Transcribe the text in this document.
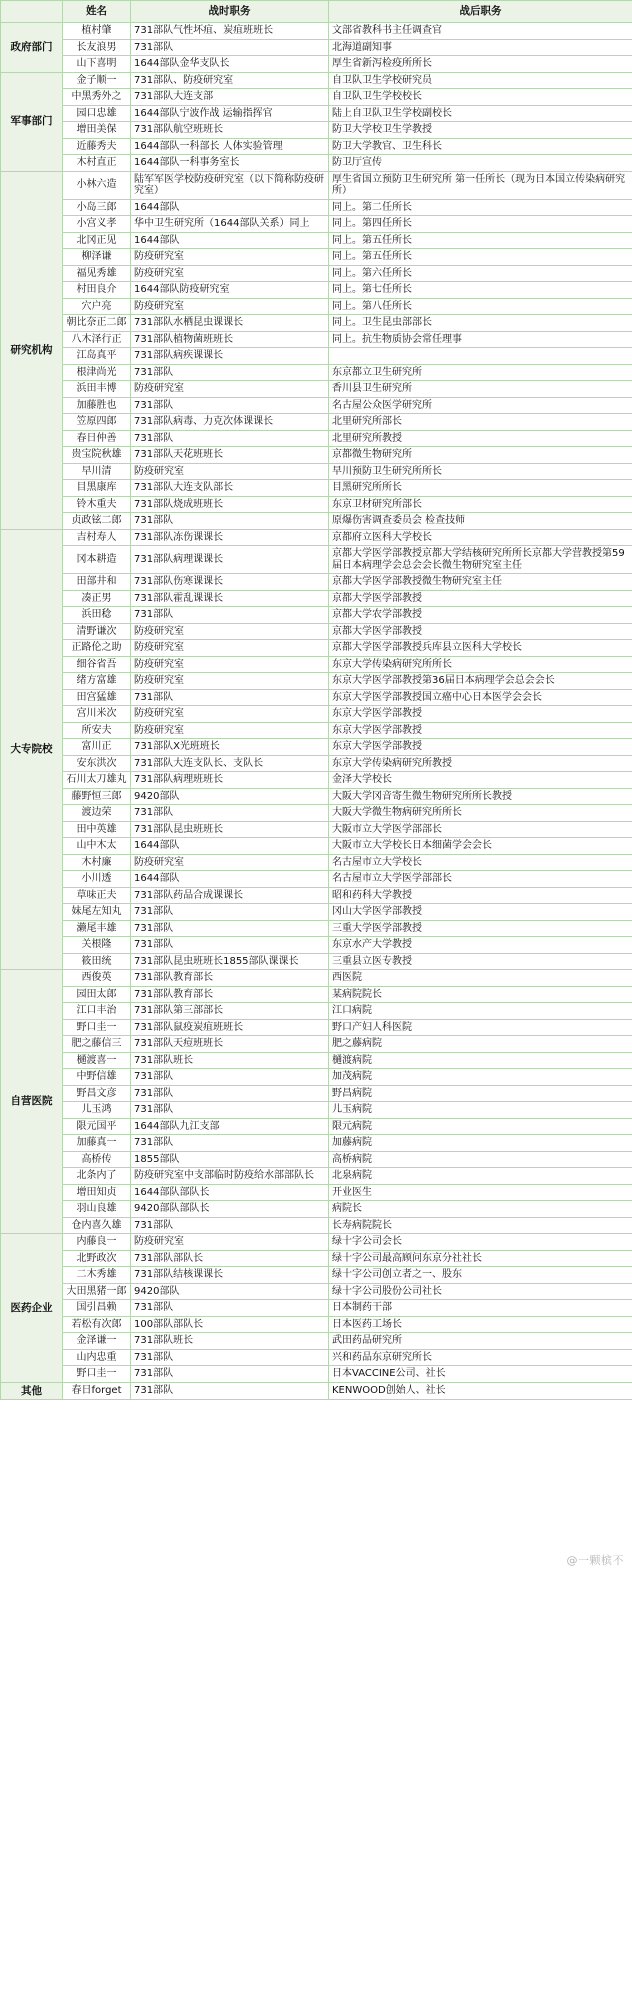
@一颗槟不
	姓名	战时职务	战后职务
政府部门	植村肇	731部队气性坏疽、炭疽班班长	文部省教科书主任调查官
	长友浪男	731部队	北海道副知事
	山下喜明	1644部队金华支队长	厚生省新泻检疫所所长
军事部门	金子顺一	731部队、防疫研究室	自卫队卫生学校研究员
	中黑秀外之	731部队大连支部	自卫队卫生学校校长
	园口忠雄	1644部队宁波作战 运输指挥官	陆上自卫队卫生学校副校长
	增田美保	731部队航空班班长	防卫大学校卫生学教授
	近藤秀夫	1644部队一科部长 人体实验管理	防卫大学教官、卫生科长
	木村直正	1644部队一科事务室长	防卫厅宣传
研究机构	小林六造	陆军军医学校防疫研究室（以下简称防疫研究室）	厚生省国立预防卫生研究所 第一任所长（现为日本国立传染病研究所）
	小岛三郎	1644部队	同上。第二任所长
	小宫义孝	华中卫生研究所（1644部队关系）同上	同上。第四任所长
	北冈正见	1644部队	同上。第五任所长
	柳泽谦	防疫研究室	同上。第五任所长
	福见秀雄	防疫研究室	同上。第六任所长
	村田良介	1644部队防疫研究室	同上。第七任所长
	穴户亮	防疫研究室	同上。第八任所长
	朝比奈正二郎	731部队水栖昆虫课课长	同上。卫生昆虫部部长
	八木泽行正	731部队植物菌班班长	同上。抗生物质协会常任理事
	江岛真平	731部队病疾课课长	
	根津尚光	731部队	东京都立卫生研究所
	浜田丰博	防疫研究室	香川县卫生研究所
	加藤胜也	731部队	名古屋公众医学研究所
	笠原四郎	731部队病毒、力克次体课课长	北里研究所部长
	春日仲善	731部队	北里研究所教授
	贵宝院秋雄	731部队天花班班长	京都微生物研究所
	早川清	防疫研究室	早川预防卫生研究所所长
	目黑康库	731部队大连支队部长	目黑研究所所长
	铃木重夫	731部队烧成班班长	东京卫材研究所部长
	贞政铉二郎	731部队	原爆伤害调查委员会 检查技师
大专院校	吉村寿人	731部队冻伤课课长	京都府立医科大学校长
	冈本耕造	731部队病理课课长	京都大学医学部教授京都大学结核研究所所长京都大学营教授第59届日本病理学会总会会长微生物研究室主任
	田部井和	731部队伤寒课课长	京都大学医学部教授微生物研究室主任
	凑正男	731部队霍乱课课长	京都大学医学部教授
	浜田稔	731部队	京都大学农学部教授
	清野谦次	防疫研究室	京都大学医学部教授
	正路伦之助	防疫研究室	京都大学医学部教授兵库县立医科大学校长
	细谷省吾	防疫研究室	东京大学传染病研究所所长
	绪方富雄	防疫研究室	东京大学医学部教授第36届日本病理学会总会会长
	田宫猛雄	731部队	东京大学医学部教授国立癌中心日本医学会会长
	宫川米次	防疫研究室	东京大学医学部教授
	所安夫	防疫研究室	东京大学医学部教授
	富川正	731部队X光班班长	东京大学医学部教授
	安东洪次	731部队大连支队长、支队长	东京大学传染病研究所教授
	石川太刀雄丸	731部队病理班班长	金泽大学校长
	藤野恒三郎	9420部队	大阪大学冈音寄生微生物研究所所长教授
	渡边荣	731部队	大阪大学微生物病研究所所长
	田中英雄	731部队昆虫班班长	大阪市立大学医学部部长
	山中木太	1644部队	大阪市立大学校长日本细菌学会会长
	木村廉	防疫研究室	名古屋市立大学校长
	小川透	1644部队	名古屋市立大学医学部部长
	草味正夫	731部队药品合成课课长	昭和药科大学教授
	妹尾左知丸	731部队	冈山大学医学部教授
	濑尾丰雄	731部队	三重大学医学部教授
	关根隆	731部队	东京水产大学教授
	筱田统	731部队昆虫班班长1855部队课课长	三重县立医专教授
自营医院	西俊英	731部队教育部长	西医院
	园田太郎	731部队教育部长	某病院院长
	江口丰治	731部队第三部部长	江口病院
	野口圭一	731部队鼠疫炭疽班班长	野口产妇人科医院
	肥之藤信三	731部队天痘班班长	肥之藤病院
	樋渡喜一	731部队班长	樋渡病院
	中野信雄	731部队	加茂病院
	野昌文彦	731部队	野昌病院
	儿玉鸿	731部队	儿玉病院
	限元国平	1644部队九江支部	限元病院
	加藤真一	731部队	加藤病院
	高桥传	1855部队	高桥病院
	北条内了	防疫研究室中支部临时防疫给水部部队长	北泉病院
	增田知贞	1644部队部队长	开业医生
	羽山良雄	9420部队部队长	病院长
	仓内喜久雄	731部队	长寿病院院长
医药企业	内藤良一	防疫研究室	绿十字公司会长
	北野政次	731部队部队长	绿十字公司最高顾问东京分社社长
	二木秀雄	731部队结核课课长	绿十字公司创立者之一、股东
	大田黑猪一郎	9420部队	绿十字公司股份公司社长
	国引昌赖	731部队	日本制药干部
	若松有次郎	100部队部队长	日本医药工场长
	金泽谦一	731部队班长	武田药品研究所
	山内忠重	731部队	兴和药品东京研究所长
	野口圭一	731部队	日本VACCINE公司、社长
其他	春日forget	731部队	KENWOOD创始人、社长
